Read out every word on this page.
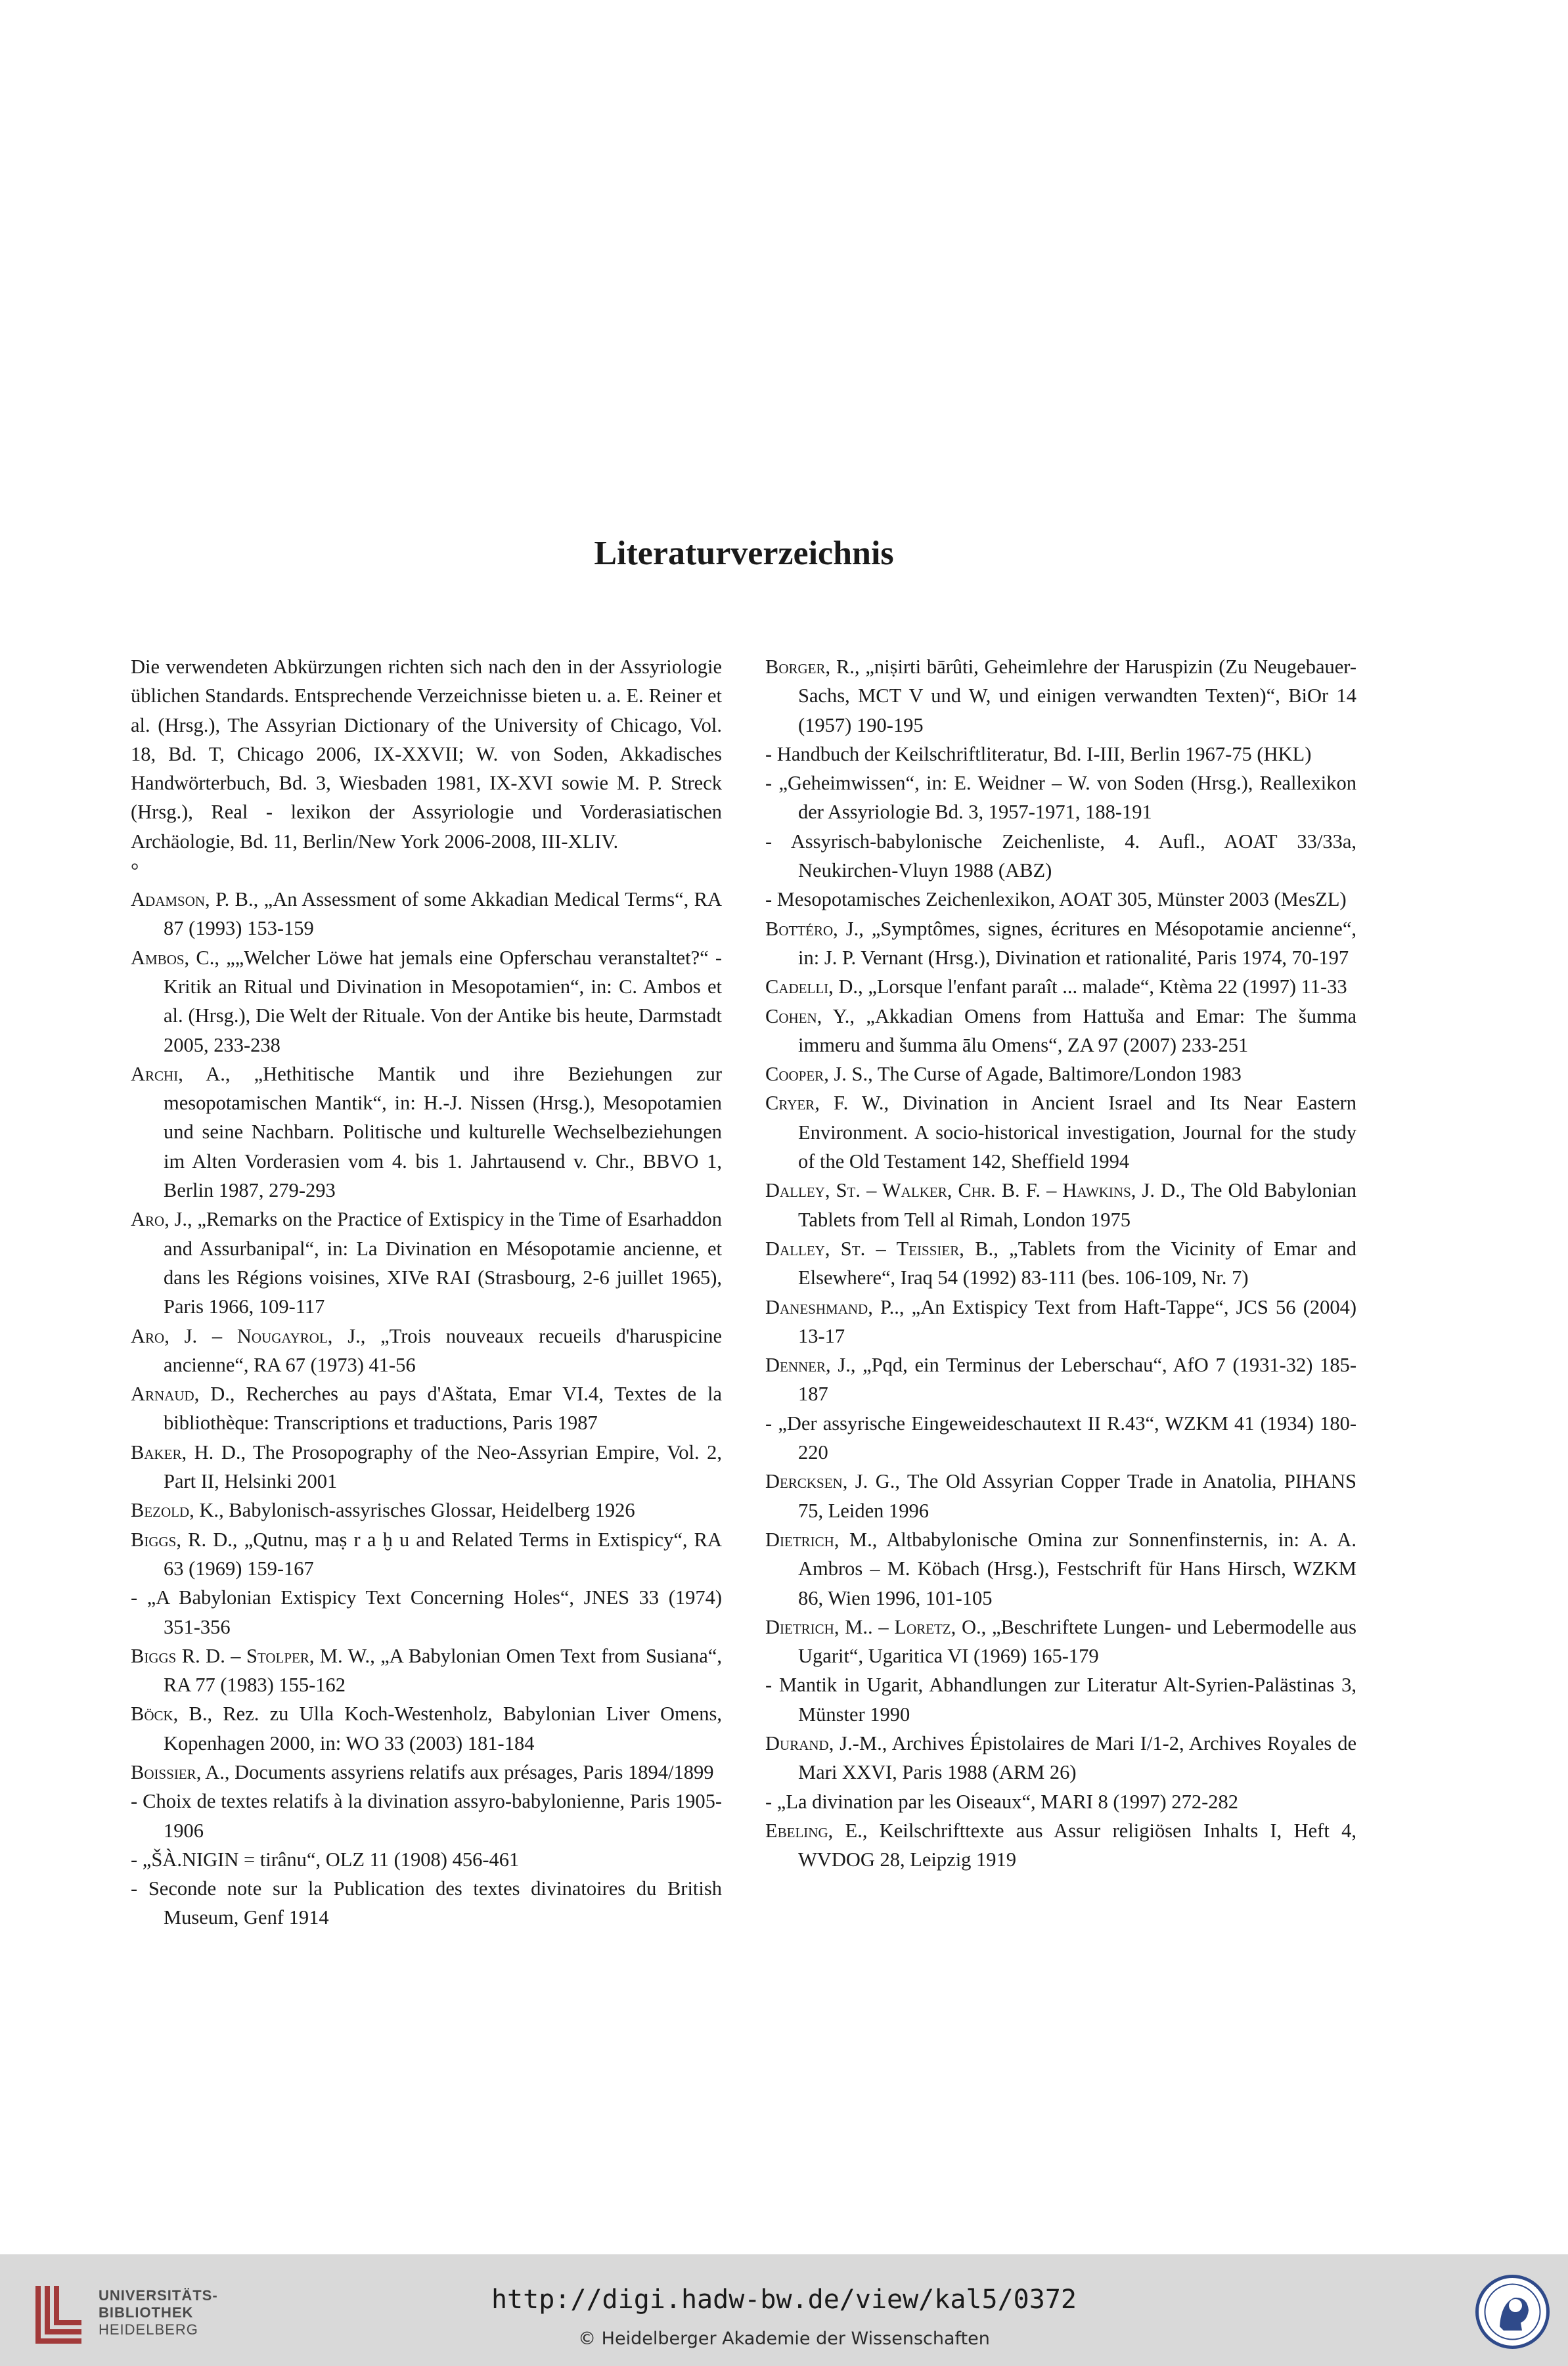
Literaturverzeichnis

Die verwendeten Abkürzungen richten sich nach den in der Assyriologie üblichen Standards. Entsprechende Verzeichnisse bieten u. a. E. Reiner et al. (Hrsg.), The Assyrian Dictionary of the University of Chicago, Vol. 18, Bd. T, Chicago 2006, IX-XXVII; W. von Soden, Akkadisches Handwörterbuch, Bd. 3, Wiesbaden 1981, IX-XVI sowie M. P. Streck (Hrsg.), Real - lexikon der Assyriologie und Vorderasiatischen Archäologie, Bd. 11, Berlin/New York 2006-2008, III-XLIV.

°

Adamson, P. B., „An Assessment of some Akkadian Medical Terms“, RA 87 (1993) 153-159

Ambos, C., „„Welcher Löwe hat jemals eine Opferschau veranstaltet?“ - Kritik an Ritual und Divination in Mesopotamien“, in: C. Ambos et al. (Hrsg.), Die Welt der Rituale. Von der Antike bis heute, Darmstadt 2005, 233-238

Archi, A., „Hethitische Mantik und ihre Beziehungen zur mesopotamischen Mantik“, in: H.-J. Nissen (Hrsg.), Mesopotamien und seine Nachbarn. Politische und kulturelle Wechselbeziehungen im Alten Vorderasien vom 4. bis 1. Jahrtausend v. Chr., BBVO 1, Berlin 1987, 279-293

Aro, J., „Remarks on the Practice of Extispicy in the Time of Esarhaddon and Assurbanipal“, in: La Divination en Mésopotamie ancienne, et dans les Régions voisines, XIVe RAI (Strasbourg, 2-6 juillet 1965), Paris 1966, 109-117

Aro, J. – Nougayrol, J., „Trois nouveaux recueils d'haruspicine ancienne“, RA 67 (1973) 41-56

Arnaud, D., Recherches au pays d'Aštata, Emar VI.4, Textes de la bibliothèque: Transcriptions et traductions, Paris 1987

Baker, H. D., The Prosopography of the Neo-Assyrian Empire, Vol. 2, Part II, Helsinki 2001

Bezold, K., Babylonisch-assyrisches Glossar, Heidelberg 1926

Biggs, R. D., „Qutnu, maṣ r a ḫ u and Related Terms in Extispicy“, RA 63 (1969) 159-167

- „A Babylonian Extispicy Text Concerning Holes“, JNES 33 (1974) 351-356

Biggs R. D. – Stolper, M. W., „A Babylonian Omen Text from Susiana“, RA 77 (1983) 155-162

Böck, B., Rez. zu Ulla Koch-Westenholz, Babylonian Liver Omens, Kopenhagen 2000, in: WO 33 (2003) 181-184

Boissier, A., Documents assyriens relatifs aux présages, Paris 1894/1899

- Choix de textes relatifs à la divination assyro-babylonienne, Paris 1905-1906

- „ŠÀ.NIGIN = tirânu“, OLZ 11 (1908) 456-461

- Seconde note sur la Publication des textes divinatoires du British Museum, Genf 1914

Borger, R., „niṣirti bārûti, Geheimlehre der Haruspizin (Zu Neugebauer-Sachs, MCT V und W, und einigen verwandten Texten)“, BiOr 14 (1957) 190-195

- Handbuch der Keilschriftliteratur, Bd. I-III, Berlin 1967-75 (HKL)

- „Geheimwissen“, in: E. Weidner – W. von Soden (Hrsg.), Reallexikon der Assyriologie Bd. 3, 1957-1971, 188-191

- Assyrisch-babylonische Zeichenliste, 4. Aufl., AOAT 33/33a, Neukirchen-Vluyn 1988 (ABZ)

- Mesopotamisches Zeichenlexikon, AOAT 305, Münster 2003 (MesZL)

Bottéro, J., „Symptômes, signes, écritures en Mésopotamie ancienne“, in: J. P. Vernant (Hrsg.), Divination et rationalité, Paris 1974, 70-197

Cadelli, D., „Lorsque l'enfant paraît ... malade“, Ktèma 22 (1997) 11-33

Cohen, Y., „Akkadian Omens from Hattuša and Emar: The šumma immeru and šumma ālu Omens“, ZA 97 (2007) 233-251

Cooper, J. S., The Curse of Agade, Baltimore/London 1983

Cryer, F. W., Divination in Ancient Israel and Its Near Eastern Environment. A socio-historical investigation, Journal for the study of the Old Testament 142, Sheffield 1994

Dalley, St. – Walker, Chr. B. F. – Hawkins, J. D., The Old Babylonian Tablets from Tell al Rimah, London 1975

Dalley, St. – Teissier, B., „Tablets from the Vicinity of Emar and Elsewhere“, Iraq 54 (1992) 83-111 (bes. 106-109, Nr. 7)

Daneshmand, P.., „An Extispicy Text from Haft-Tappe“, JCS 56 (2004) 13-17

Denner, J., „Pqd, ein Terminus der Leberschau“, AfO 7 (1931-32) 185-187

- „Der assyrische Eingeweideschautext II R.43“, WZKM 41 (1934) 180-220

Dercksen, J. G., The Old Assyrian Copper Trade in Anatolia, PIHANS 75, Leiden 1996

Dietrich, M., Altbabylonische Omina zur Sonnenfinsternis, in: A. A. Ambros – M. Köbach (Hrsg.), Festschrift für Hans Hirsch, WZKM 86, Wien 1996, 101-105

Dietrich, M.. – Loretz, O., „Beschriftete Lungen- und Lebermodelle aus Ugarit“, Ugaritica VI (1969) 165-179

- Mantik in Ugarit, Abhandlungen zur Literatur Alt-Syrien-Palästinas 3, Münster 1990

Durand, J.-M., Archives Épistolaires de Mari I/1-2, Archives Royales de Mari XXVI, Paris 1988 (ARM 26)

- „La divination par les Oiseaux“, MARI 8 (1997) 272-282

Ebeling, E., Keilschrifttexte aus Assur religiösen Inhalts I, Heft 4, WVDOG 28, Leipzig 1919

UNIVERSITÄTS-
BIBLIOTHEK
HEIDELBERG
http://digi.hadw-bw.de/view/kal5/0372
© Heidelberger Akademie der Wissenschaften
